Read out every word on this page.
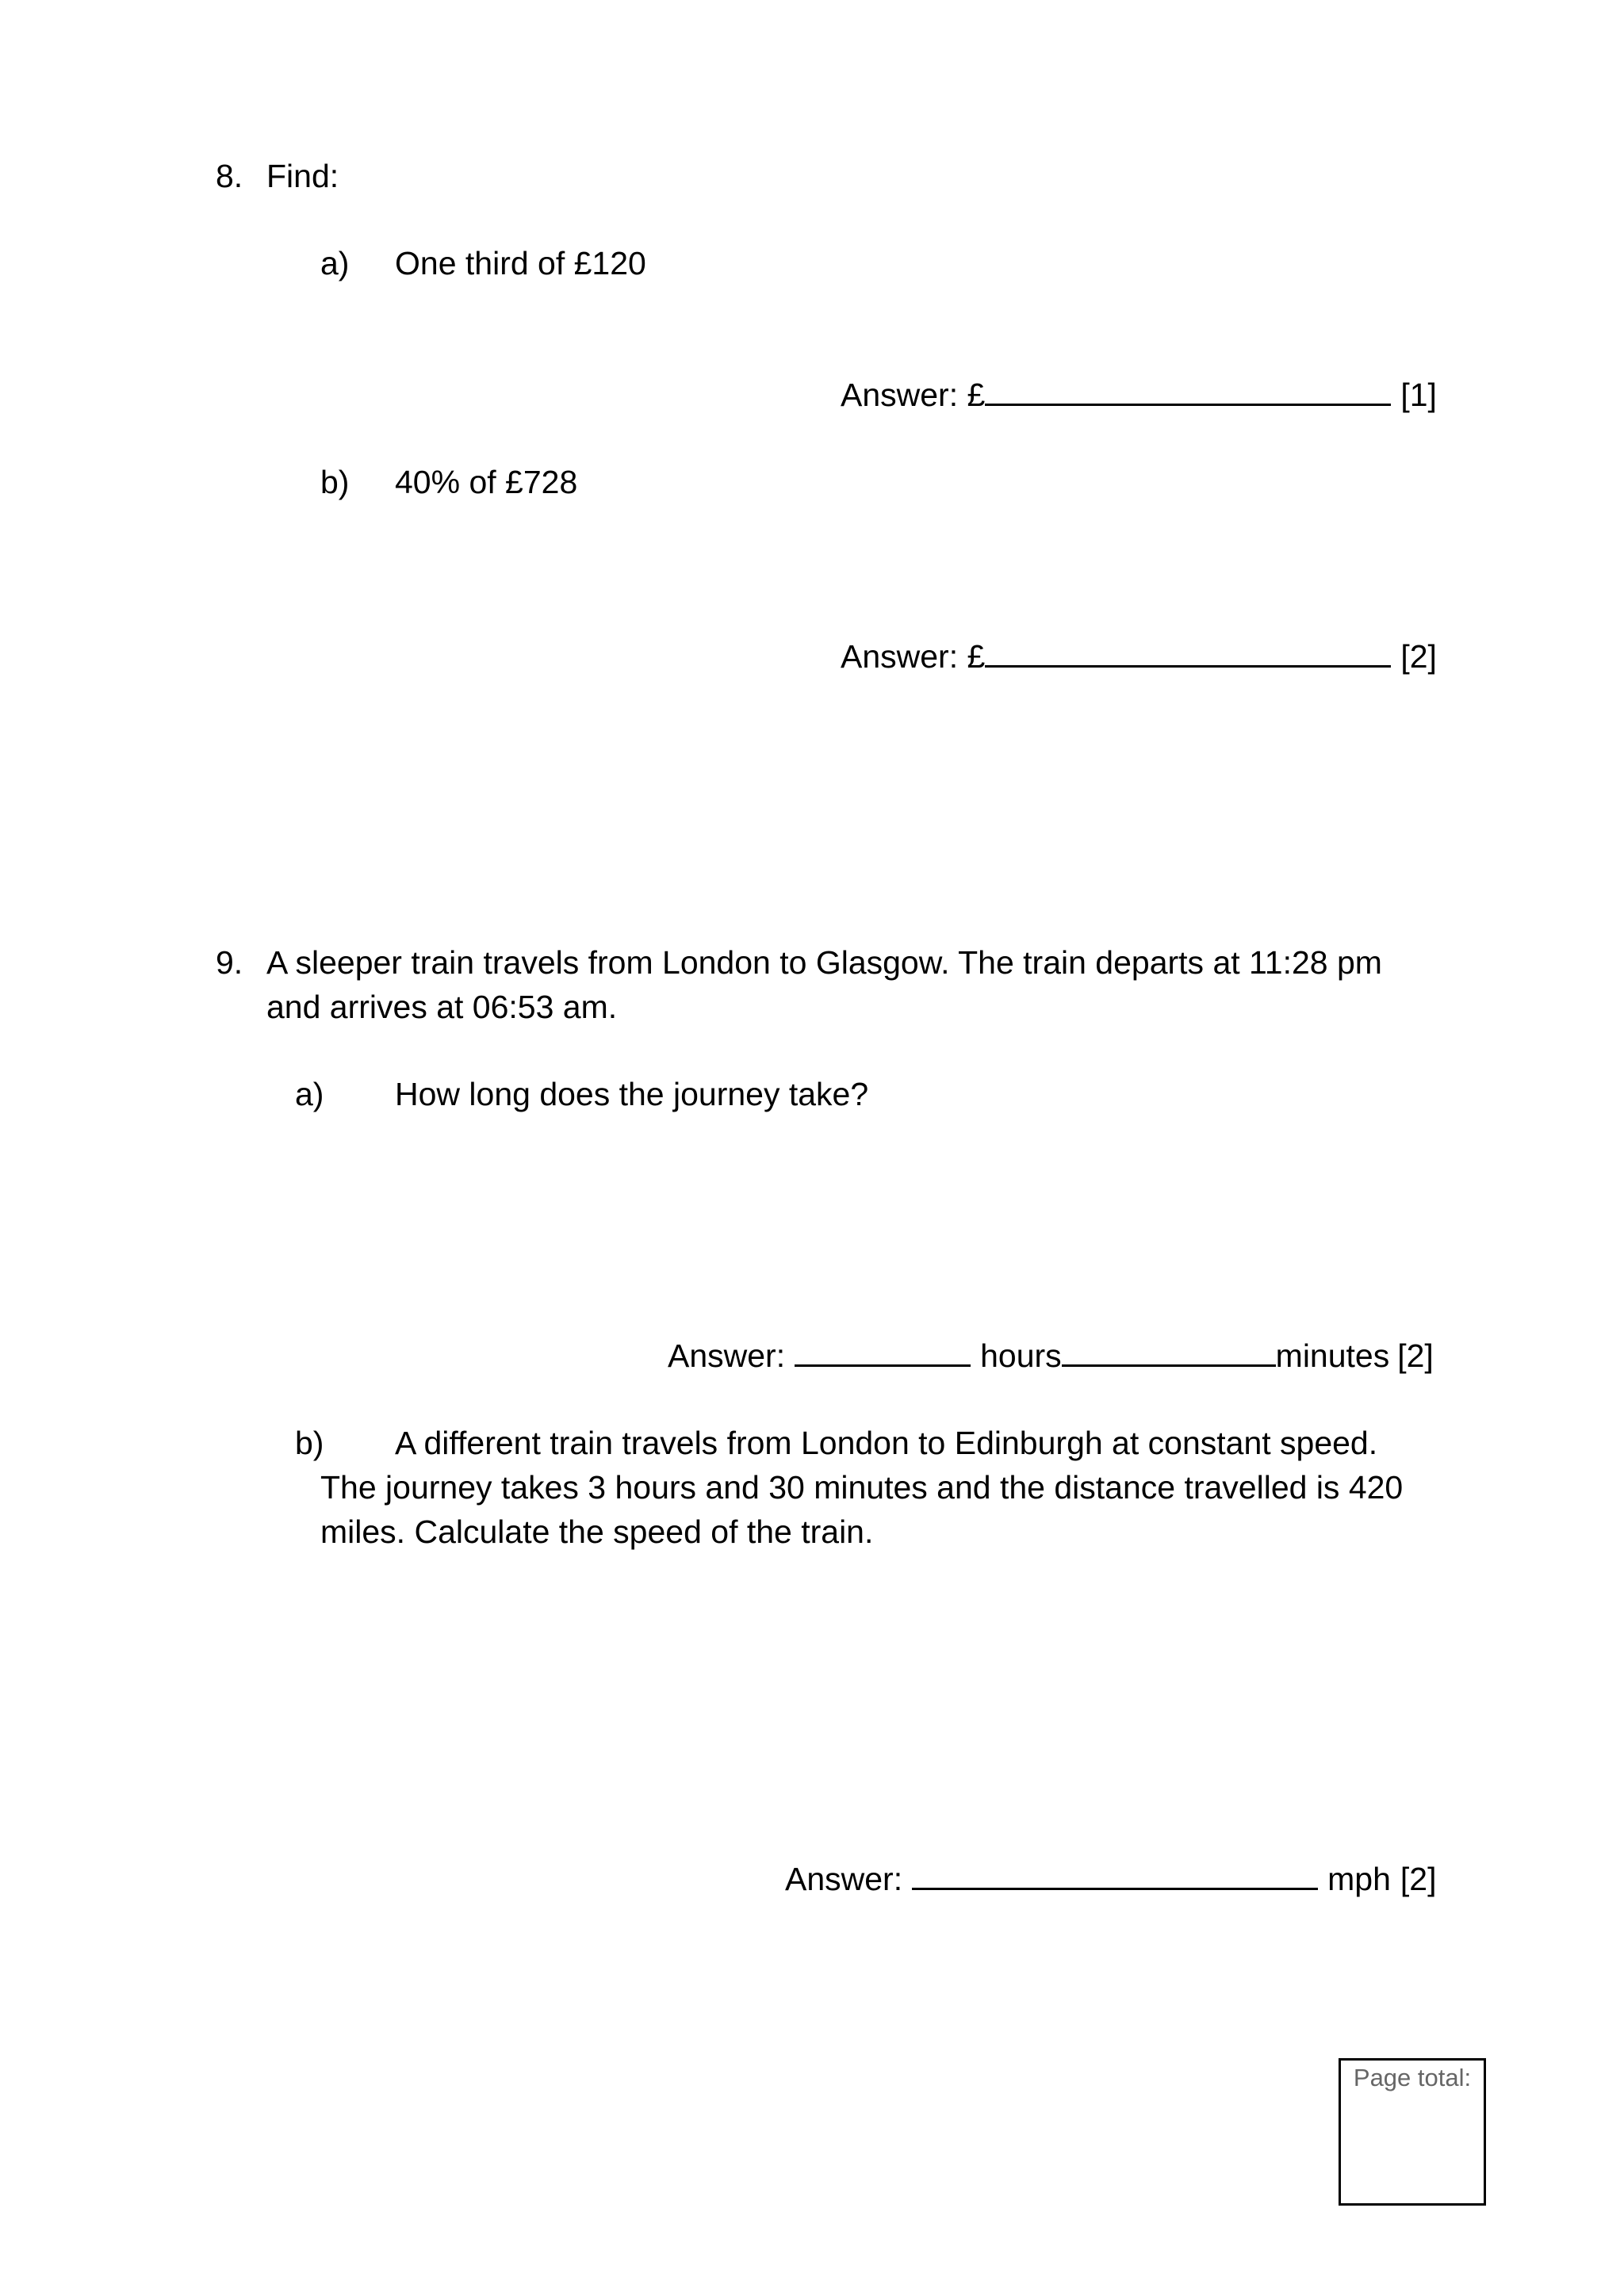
8. Find:
a) One third of £120
Answer: £	[1]
b) 40% of £728
Answer: £	[2]
9. A sleeper train travels from London to Glasgow. The train departs at 11:28 pm
and arrives at 06:53 am.
a) How long does the journey take?
Answer:	hours	minutes [2]
b) A different train travels from London to Edinburgh at constant speed.
The journey takes 3 hours and 30 minutes and the distance travelled is 420
miles. Calculate the speed of the train.
Answer:	mph [2]
Page total:
